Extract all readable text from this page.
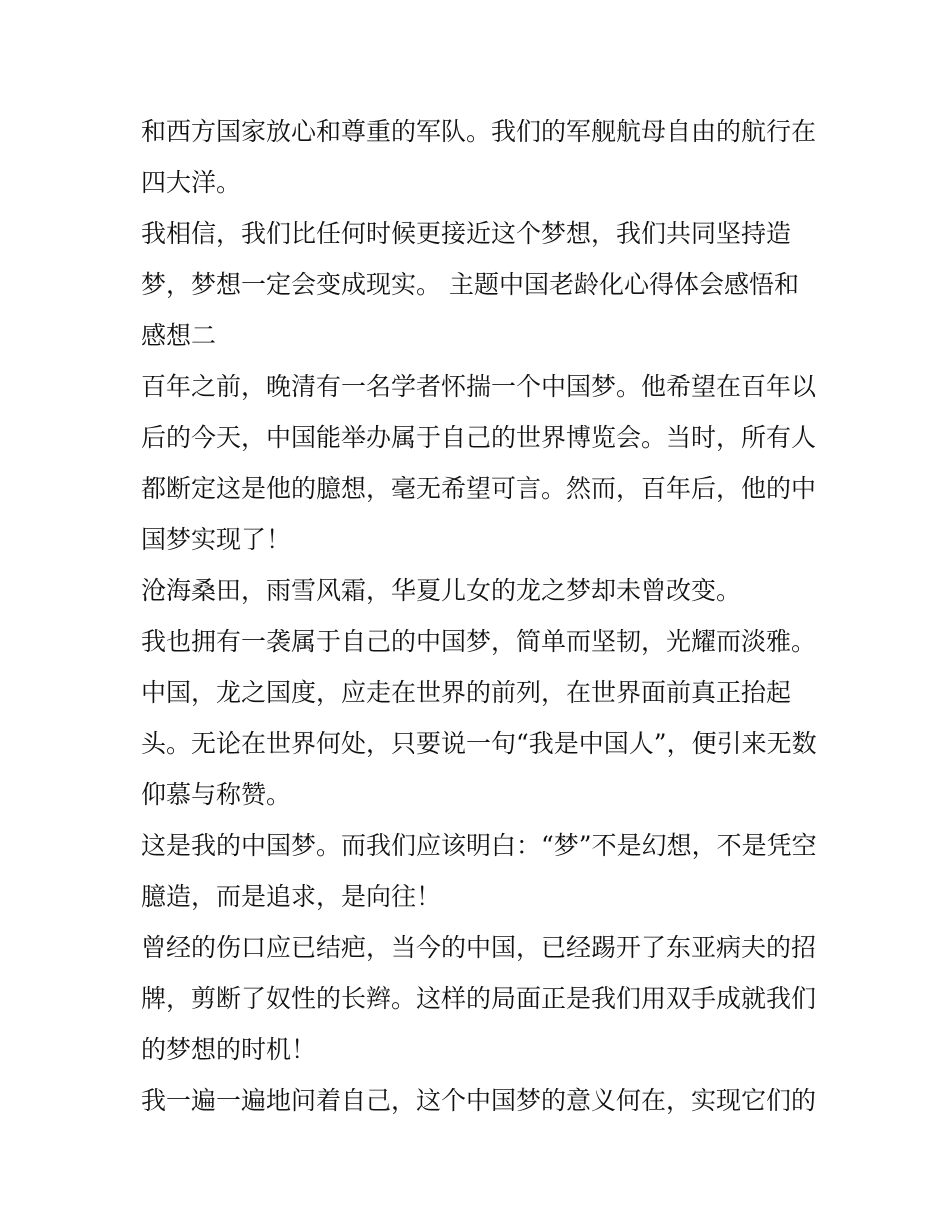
和西方国家放心和尊重的军队。我们的军舰航母自由的航行在
四大洋。
我相信，我们比任何时候更接近这个梦想，我们共同坚持造
梦，梦想一定会变成现实。 主题中国老龄化心得体会感悟和
感想二
百年之前，晚清有一名学者怀揣一个中国梦。他希望在百年以
后的今天，中国能举办属于自己的世界博览会。当时，所有人
都断定这是他的臆想，毫无希望可言。然而，百年后，他的中
国梦实现了！
沧海桑田，雨雪风霜，华夏儿女的龙之梦却未曾改变。
我也拥有一袭属于自己的中国梦，简单而坚韧，光耀而淡雅。
中国，龙之国度，应走在世界的前列，在世界面前真正抬起
头。无论在世界何处，只要说一句“我是中国人”，便引来无数
仰慕与称赞。
这是我的中国梦。而我们应该明白：“梦”不是幻想，不是凭空
臆造，而是追求，是向往！
曾经的伤口应已结疤，当今的中国，已经踢开了东亚病夫的招
牌，剪断了奴性的长辫。这样的局面正是我们用双手成就我们
的梦想的时机！
我一遍一遍地问着自己，这个中国梦的意义何在，实现它们的
